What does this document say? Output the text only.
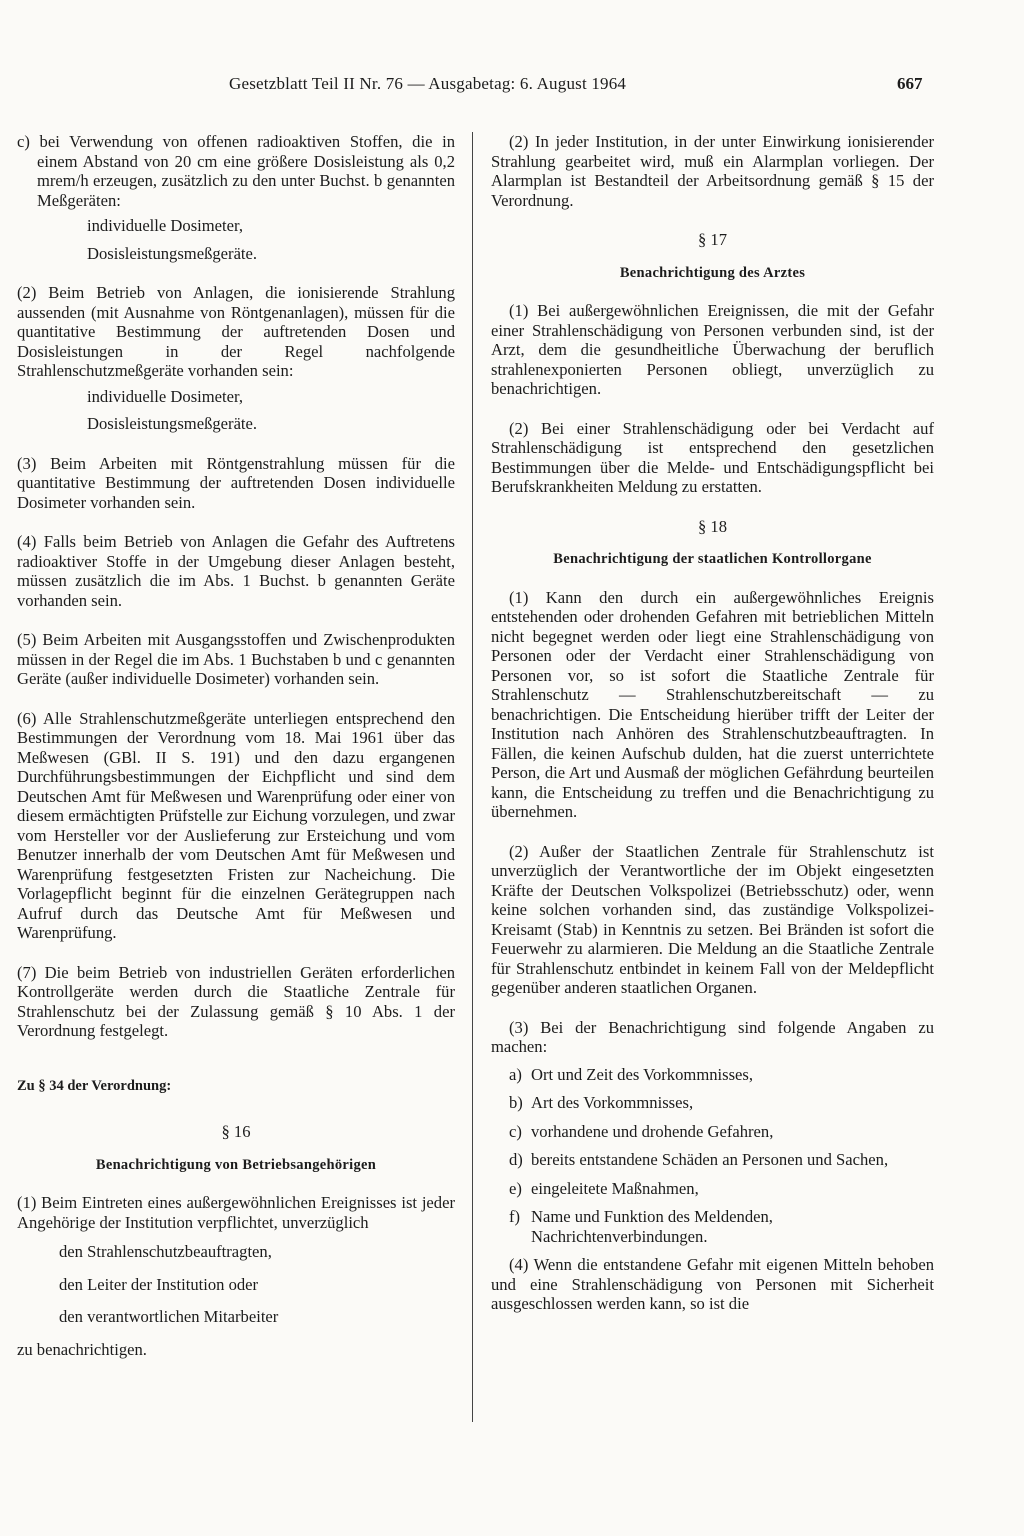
Gesetzblatt Teil II Nr. 76 — Ausgabetag: 6. August 1964	667

c) bei Verwendung von offenen radioaktiven Stoffen, die in einem Abstand von 20 cm eine größere Dosisleistung als 0,2 mrem/h erzeugen, zusätzlich zu den unter Buchst. b genannten Meßgeräten:

individuelle Dosimeter,

Dosisleistungsmeßgeräte.

(2) Beim Betrieb von Anlagen, die ionisierende Strahlung aussenden (mit Ausnahme von Röntgenanlagen), müssen für die quantitative Bestimmung der auftretenden Dosen und Dosisleistungen in der Regel nachfolgende Strahlenschutzmeßgeräte vorhanden sein:

individuelle Dosimeter,

Dosisleistungsmeßgeräte.

(3) Beim Arbeiten mit Röntgenstrahlung müssen für die quantitative Bestimmung der auftretenden Dosen individuelle Dosimeter vorhanden sein.

(4) Falls beim Betrieb von Anlagen die Gefahr des Auftretens radioaktiver Stoffe in der Umgebung dieser Anlagen besteht, müssen zusätzlich die im Abs. 1 Buchst. b genannten Geräte vorhanden sein.

(5) Beim Arbeiten mit Ausgangsstoffen und Zwischenprodukten müssen in der Regel die im Abs. 1 Buchstaben b und c genannten Geräte (außer individuelle Dosimeter) vorhanden sein.

(6) Alle Strahlenschutzmeßgeräte unterliegen entsprechend den Bestimmungen der Verordnung vom 18. Mai 1961 über das Meßwesen (GBl. II S. 191) und den dazu ergangenen Durchführungsbestimmungen der Eichpflicht und sind dem Deutschen Amt für Meßwesen und Warenprüfung oder einer von diesem ermächtigten Prüfstelle zur Eichung vorzulegen, und zwar vom Hersteller vor der Auslieferung zur Ersteichung und vom Benutzer innerhalb der vom Deutschen Amt für Meßwesen und Warenprüfung festgesetzten Fristen zur Nacheichung. Die Vorlagepflicht beginnt für die einzelnen Gerätegruppen nach Aufruf durch das Deutsche Amt für Meßwesen und Warenprüfung.

(7) Die beim Betrieb von industriellen Geräten erforderlichen Kontrollgeräte werden durch die Staatliche Zentrale für Strahlenschutz bei der Zulassung gemäß § 10 Abs. 1 der Verordnung festgelegt.

Zu § 34 der Verordnung:
§ 16
Benachrichtigung von Betriebsangehörigen

(1) Beim Eintreten eines außergewöhnlichen Ereignisses ist jeder Angehörige der Institution verpflichtet, unverzüglich

den Strahlenschutzbeauftragten,

den Leiter der Institution oder

den verantwortlichen Mitarbeiter

zu benachrichtigen.

(2) In jeder Institution, in der unter Einwirkung ionisierender Strahlung gearbeitet wird, muß ein Alarmplan vorliegen. Der Alarmplan ist Bestandteil der Arbeitsordnung gemäß § 15 der Verordnung.

§ 17
Benachrichtigung des Arztes

(1) Bei außergewöhnlichen Ereignissen, die mit der Gefahr einer Strahlenschädigung von Personen verbunden sind, ist der Arzt, dem die gesundheitliche Überwachung der beruflich strahlenexponierten Personen obliegt, unverzüglich zu benachrichtigen.

(2) Bei einer Strahlenschädigung oder bei Verdacht auf Strahlenschädigung ist entsprechend den gesetzlichen Bestimmungen über die Melde- und Entschädigungspflicht bei Berufskrankheiten Meldung zu erstatten.

§ 18
Benachrichtigung der staatlichen Kontrollorgane

(1) Kann den durch ein außergewöhnliches Ereignis entstehenden oder drohenden Gefahren mit betrieblichen Mitteln nicht begegnet werden oder liegt eine Strahlenschädigung von Personen oder der Verdacht einer Strahlenschädigung von Personen vor, so ist sofort die Staatliche Zentrale für Strahlenschutz — Strahlenschutzbereitschaft — zu benachrichtigen. Die Entscheidung hierüber trifft der Leiter der Institution nach Anhören des Strahlenschutzbeauftragten. In Fällen, die keinen Aufschub dulden, hat die zuerst unterrichtete Person, die Art und Ausmaß der möglichen Gefährdung beurteilen kann, die Entscheidung zu treffen und die Benachrichtigung zu übernehmen.

(2) Außer der Staatlichen Zentrale für Strahlenschutz ist unverzüglich der Verantwortliche der im Objekt eingesetzten Kräfte der Deutschen Volkspolizei (Betriebsschutz) oder, wenn keine solchen vorhanden sind, das zuständige Volkspolizei-Kreisamt (Stab) in Kenntnis zu setzen. Bei Bränden ist sofort die Feuerwehr zu alarmieren. Die Meldung an die Staatliche Zentrale für Strahlenschutz entbindet in keinem Fall von der Meldepflicht gegenüber anderen staatlichen Organen.

(3) Bei der Benachrichtigung sind folgende Angaben zu machen:

a) Ort und Zeit des Vorkommnisses,
b) Art des Vorkommnisses,
c) vorhandene und drohende Gefahren,
d) bereits entstandene Schäden an Personen und Sachen,
e) eingeleitete Maßnahmen,
f) Name und Funktion des Meldenden, Nachrichtenverbindungen.

(4) Wenn die entstandene Gefahr mit eigenen Mitteln behoben und eine Strahlenschädigung von Personen mit Sicherheit ausgeschlossen werden kann, so ist die
